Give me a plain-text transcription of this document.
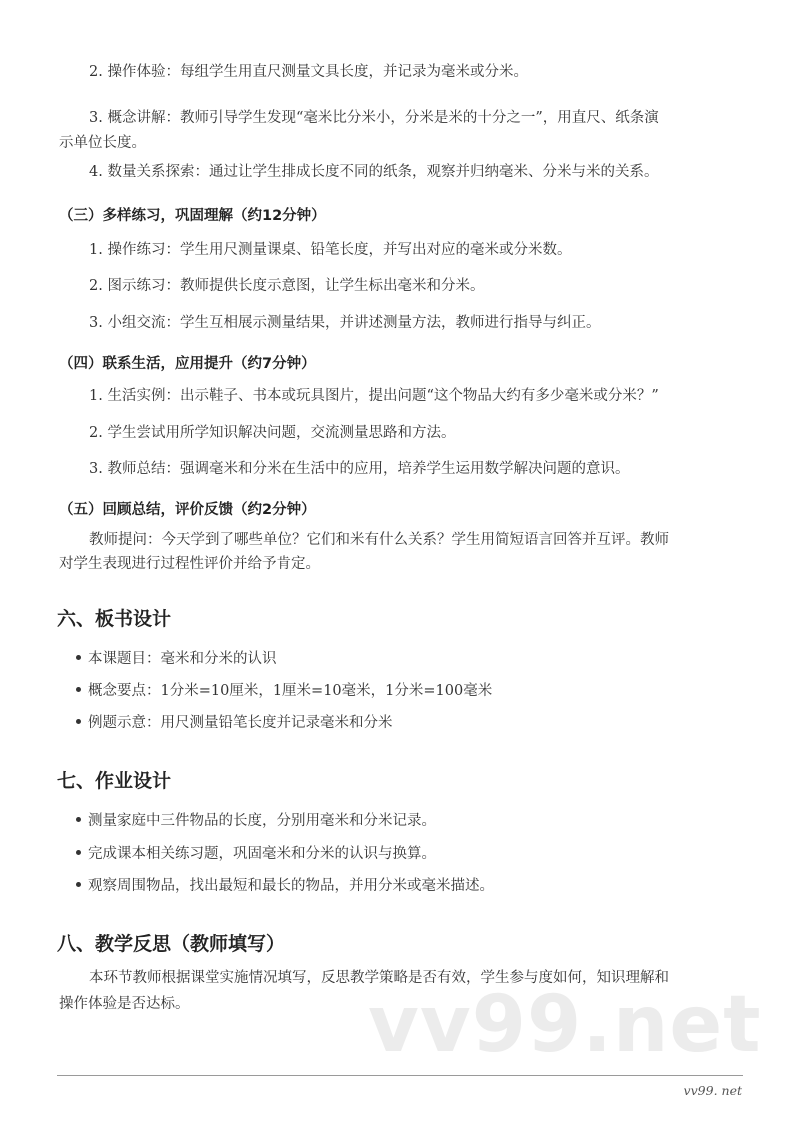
vv99.net
2. 操作体验：每组学生用直尺测量文具长度，并记录为毫米或分米。
3. 概念讲解：教师引导学生发现“毫米比分米小，分米是米的十分之一”，用直尺、纸条演
示单位长度。
4. 数量关系探索：通过让学生排成长度不同的纸条，观察并归纳毫米、分米与米的关系。
（三）多样练习，巩固理解（约12分钟）
1. 操作练习：学生用尺测量课桌、铅笔长度，并写出对应的毫米或分米数。
2. 图示练习：教师提供长度示意图，让学生标出毫米和分米。
3. 小组交流：学生互相展示测量结果，并讲述测量方法，教师进行指导与纠正。
（四）联系生活，应用提升（约7分钟）
1. 生活实例：出示鞋子、书本或玩具图片，提出问题“这个物品大约有多少毫米或分米？”
2. 学生尝试用所学知识解决问题，交流测量思路和方法。
3. 教师总结：强调毫米和分米在生活中的应用，培养学生运用数学解决问题的意识。
（五）回顾总结，评价反馈（约2分钟）
教师提问：今天学到了哪些单位？它们和米有什么关系？学生用简短语言回答并互评。教师
对学生表现进行过程性评价并给予肯定。
六、板书设计
本课题目：毫米和分米的认识
概念要点：1分米=10厘米，1厘米=10毫米，1分米=100毫米
例题示意：用尺测量铅笔长度并记录毫米和分米
七、作业设计
测量家庭中三件物品的长度，分别用毫米和分米记录。
完成课本相关练习题，巩固毫米和分米的认识与换算。
观察周围物品，找出最短和最长的物品，并用分米或毫米描述。
八、教学反思（教师填写）
本环节教师根据课堂实施情况填写，反思教学策略是否有效，学生参与度如何，知识理解和
操作体验是否达标。
vv99. net
